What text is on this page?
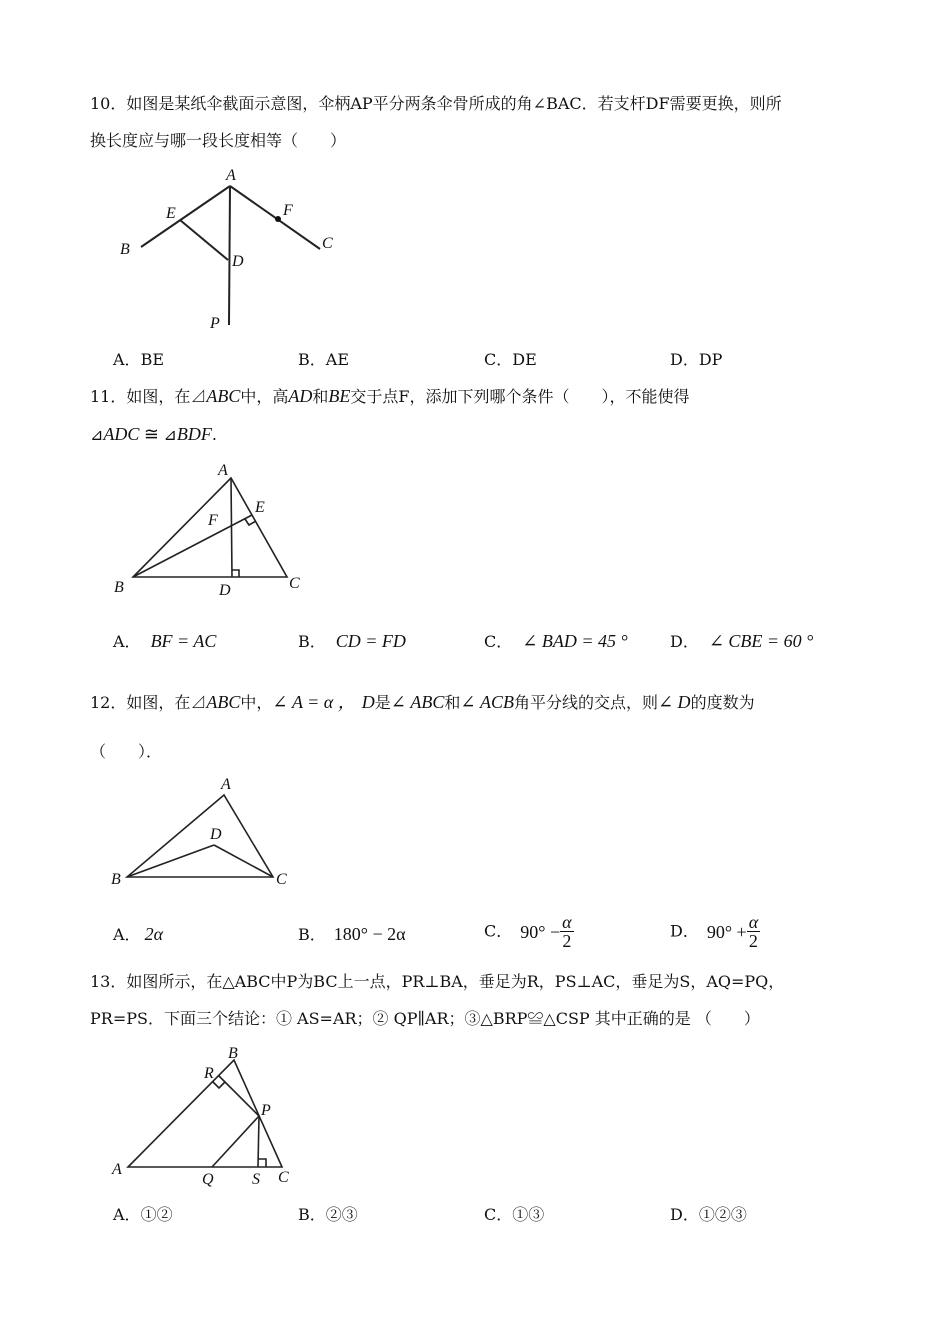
10．如图是某纸伞截面示意图，伞柄AP平分两条伞骨所成的角∠BAC．若支杆DF需要更换，则所
换长度应与哪一段长度相等（　　）
A
B	C
D
E	F
P
A．BE	B．AE	C．DE	D．DP
11．如图，在⊿ABC中，高AD和BE交于点F，添加下列哪个条件（　　），不能使得
⊿ADC ≅ ⊿BDF.
A
B	C
D
E
F
A． BF = AC	B． CD = FD	C． ∠ BAD = 45 °	D． ∠ CBE = 60 °
12．如图，在⊿ABC中，∠ A = α ， D是∠ ABC和∠ ACB角平分线的交点，则∠ D的度数为
（　　）．
A
B	C
D
A． 2α	B． 180° − 2α	C． $90^\circ - \frac{\alpha}{2}$	D． $90^\circ + \frac{\alpha}{2}$
13．如图所示，在△ABC中P为BC上一点，PR⊥BA，垂足为R，PS⊥AC，垂足为S，AQ=PQ，
PR=PS．下面三个结论：① AS=AR；② QP∥AR；③△BRP≌△CSP 其中正确的是 （　　）
A
B
C
P
Q
R
S
A．①②	B．②③	C．①③	D．①②③
